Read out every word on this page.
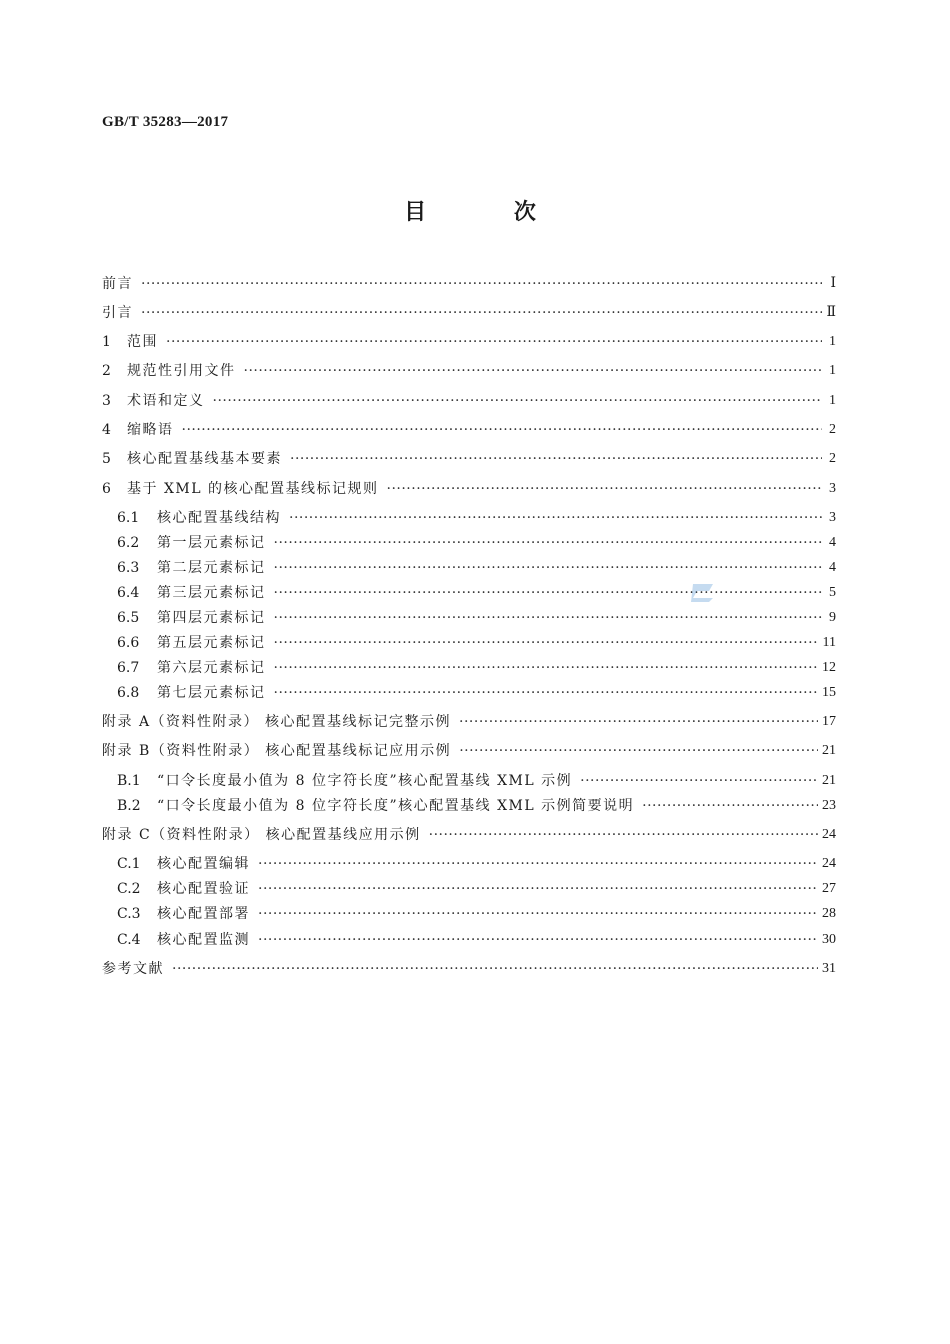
GB/T 35283—2017
目 次
前言 ·····	Ⅰ
引言 ·····	Ⅱ
1	范围 ·····	1
2	规范性引用文件 ·····	1
3	术语和定义 ·····	1
4	缩略语 ·····	2
5	核心配置基线基本要素 ·····	2
6	基于 XML 的核心配置基线标记规则 ·····	3
6.1	核心配置基线结构 ·····	3
6.2	第一层元素标记 ·····	4
6.3	第二层元素标记 ·····	4
6.4	第三层元素标记 ·····	5
6.5	第四层元素标记 ·····	9
6.6	第五层元素标记 ·····	11
6.7	第六层元素标记 ·····	12
6.8	第七层元素标记 ·····	15
附录 A（资料性附录） 核心配置基线标记完整示例 ·····	17
附录 B（资料性附录） 核心配置基线标记应用示例 ·····	21
B.1	“口令长度最小值为 8 位字符长度”核心配置基线 XML 示例 ·····	21
B.2	“口令长度最小值为 8 位字符长度”核心配置基线 XML 示例简要说明 ·····	23
附录 C（资料性附录） 核心配置基线应用示例 ·····	24
C.1	核心配置编辑 ·····	24
C.2	核心配置验证 ·····	27
C.3	核心配置部署 ·····	28
C.4	核心配置监测 ·····	30
参考文献 ·····	31
